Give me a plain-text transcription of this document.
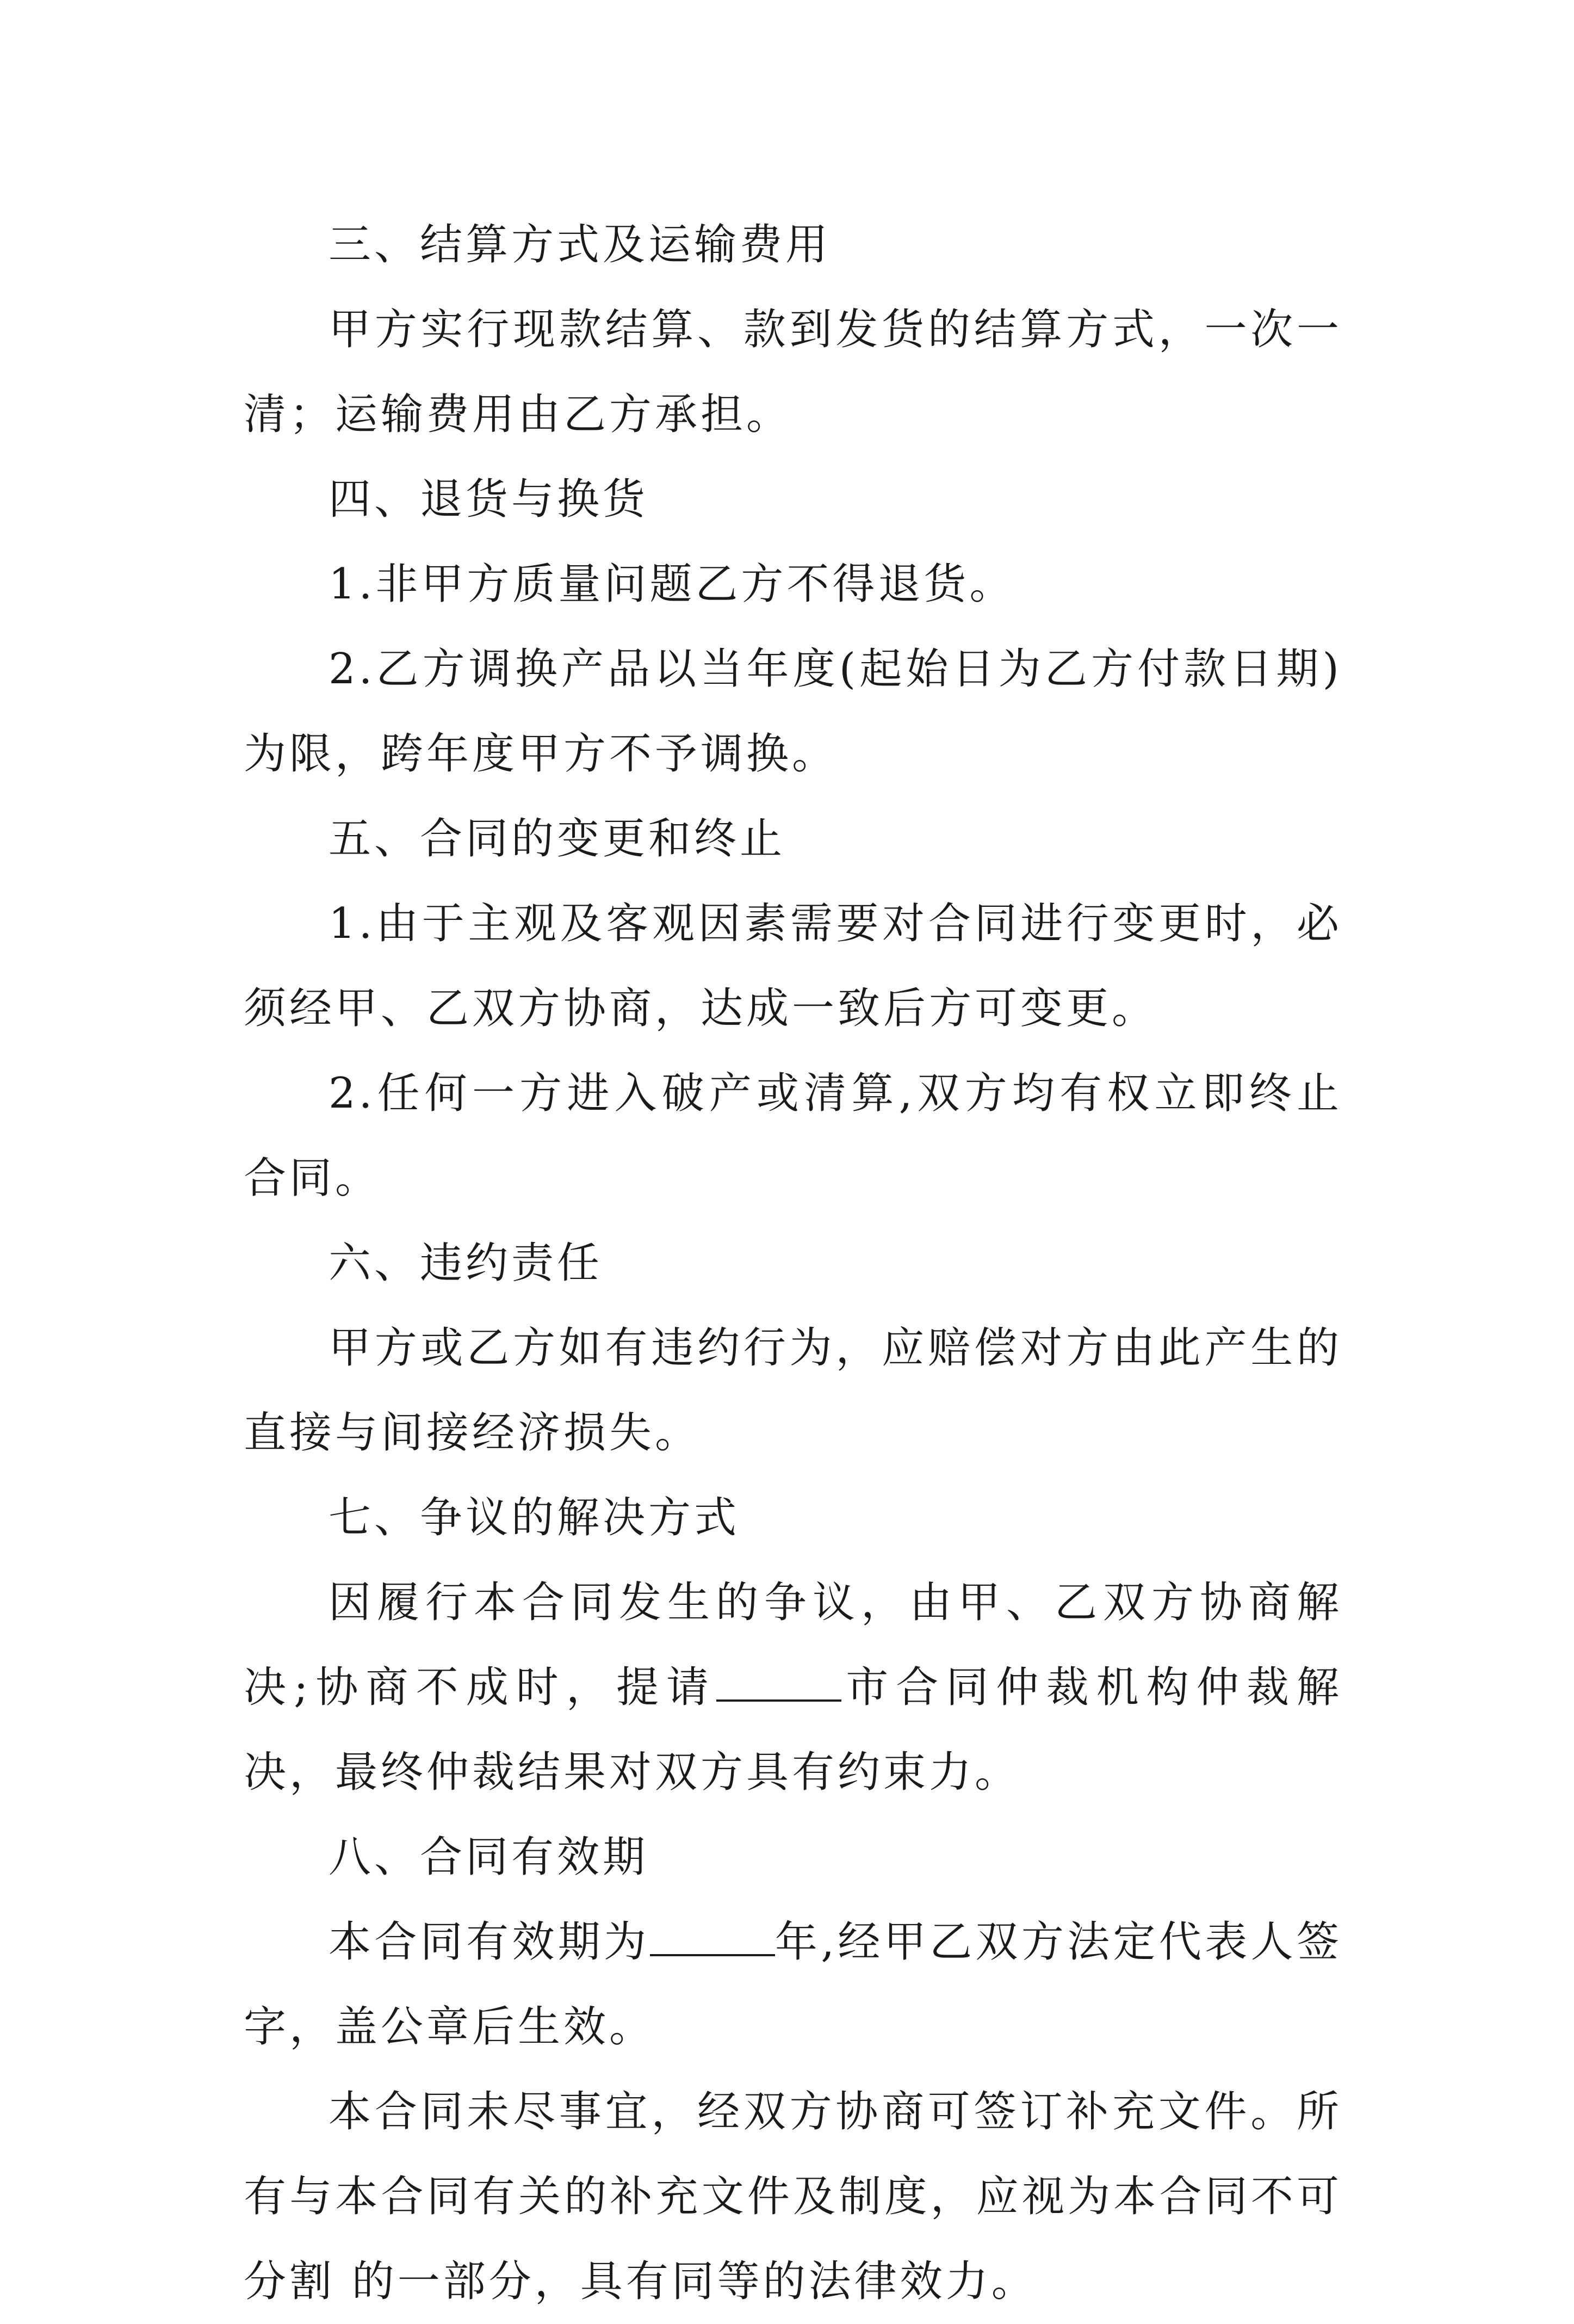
三、结算方式及运输费用

甲方实行现款结算、款到发货的结算方式，一次一清；运输费用由乙方承担。

四、退货与换货

1.非甲方质量问题乙方不得退货。

2.乙方调换产品以当年度(起始日为乙方付款日期)为限，跨年度甲方不予调换。

五、合同的变更和终止

1.由于主观及客观因素需要对合同进行变更时，必须经甲、乙双方协商，达成一致后方可变更。

2.任何一方进入破产或清算,双方均有权立即终止合同。

六、违约责任

甲方或乙方如有违约行为，应赔偿对方由此产生的直接与间接经济损失。

七、争议的解决方式

因履行本合同发生的争议，由甲、乙双方协商解决;协商不成时，提请	市合同仲裁机构仲裁解决，最终仲裁结果对双方具有约束力。

八、合同有效期

本合同有效期为	年,经甲乙双方法定代表人签字，盖公章后生效。

本合同未尽事宜，经双方协商可签订补充文件。所有与本合同有关的补充文件及制度，应视为本合同不可分割 的一部分，具有同等的法律效力。
